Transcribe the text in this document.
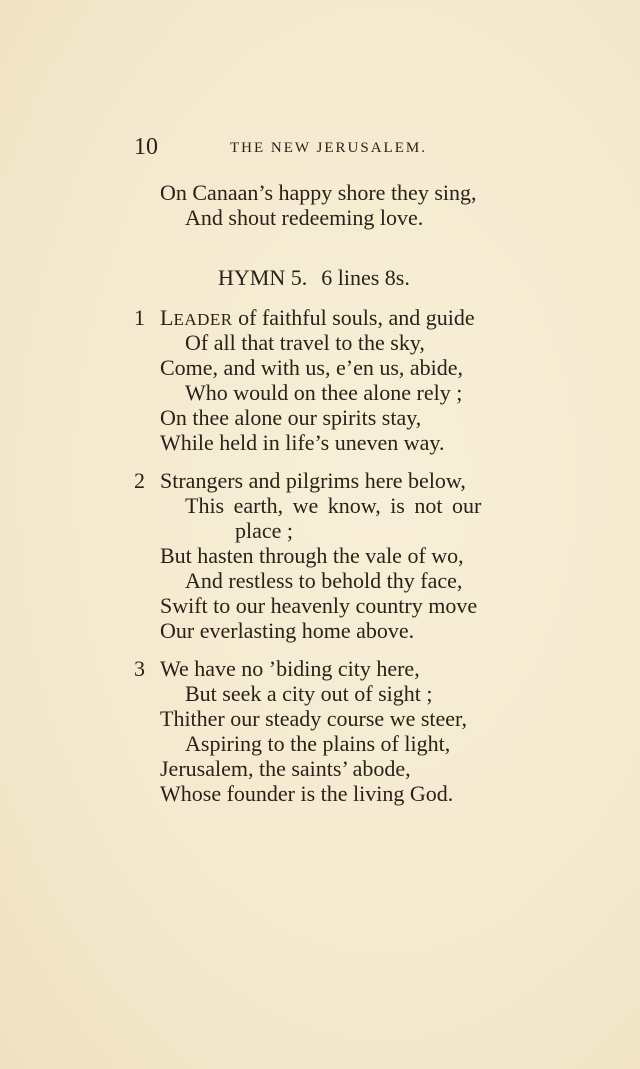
10	THE NEW JERUSALEM.
On Canaan’s happy shore they sing,
And shout redeeming love.
HYMN 5. 6 lines 8s.
1 LEADER of faithful souls, and guide
Of all that travel to the sky,
Come, and with us, e’en us, abide,
Who would on thee alone rely ;
On thee alone our spirits stay,
While held in life’s uneven way.
2 Strangers and pilgrims here below,
This earth, we know, is not our
place ;
But hasten through the vale of wo,
And restless to behold thy face,
Swift to our heavenly country move
Our everlasting home above.
3 We have no ’biding city here,
But seek a city out of sight ;
Thither our steady course we steer,
Aspiring to the plains of light,
Jerusalem, the saints’ abode,
Whose founder is the living God.
